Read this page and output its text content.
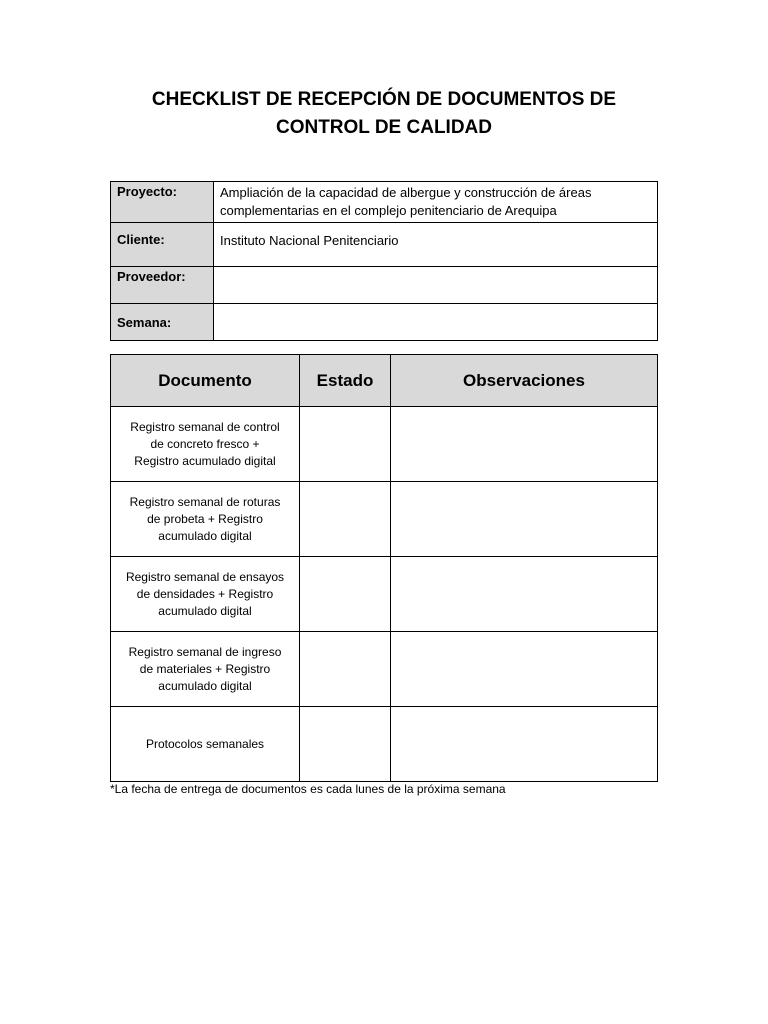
CHECKLIST DE RECEPCIÓN DE DOCUMENTOS DE
CONTROL DE CALIDAD
Proyecto:	Ampliación de la capacidad de albergue y construcción de áreas
complementarias en el complejo penitenciario de Arequipa

Cliente:	Instituto Nacional Penitenciario
Proveedor:	
Semana:	
Documento	Estado	Observaciones

Registro semanal de control
de concreto fresco +
Registro acumulado digital		

Registro semanal de roturas
de probeta + Registro
acumulado digital		

Registro semanal de ensayos
de densidades + Registro
acumulado digital		

Registro semanal de ingreso
de materiales + Registro
acumulado digital		

Protocolos semanales		

*La fecha de entrega de documentos es cada lunes de la próxima semana
